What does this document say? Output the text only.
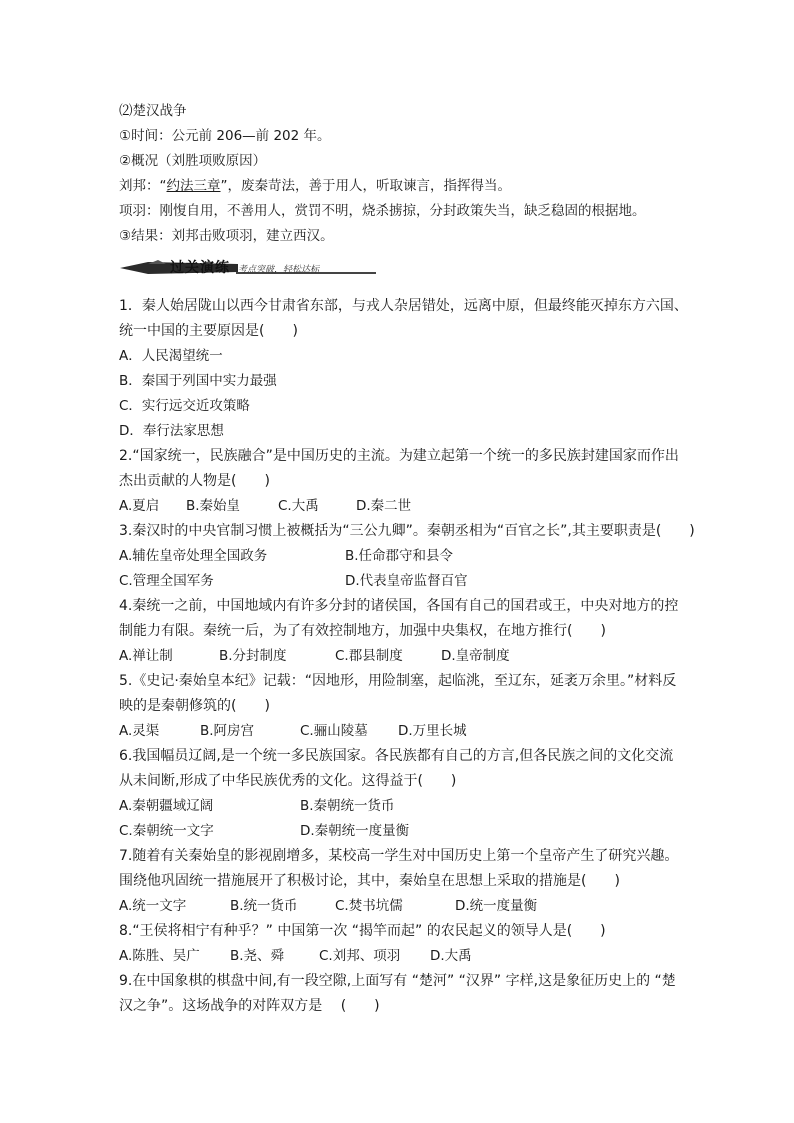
⑵楚汉战争
①时间：公元前 206—前 202 年。
②概况（刘胜项败原因）
刘邦：“约法三章”，废秦苛法，善于用人，听取谏言，指挥得当。
项羽：刚愎自用，不善用人，赏罚不明，烧杀掳掠，分封政策失当，缺乏稳固的根据地。
③结果：刘邦击败项羽，建立西汉。
过关演练 考点突破，轻松达标
1．秦人始居陇山以西今甘肃省东部，与戎人杂居错处，远离中原，但最终能灭掉东方六国、
统一中国的主要原因是(　　)
A．人民渴望统一
B．秦国于列国中实力最强
C．实行远交近攻策略
D．奉行法家思想
2.“国家统一，民族融合”是中国历史的主流。为建立起第一个统一的多民族封建国家而作出
杰出贡献的人物是(　　)
A.夏启 B.秦始皇	C.大禹	D.秦二世
3.秦汉时的中央官制习惯上被概括为“三公九卿”。秦朝丞相为“百官之长”,其主要职责是(　　)
A.辅佐皇帝处理全国政务	B.任命郡守和县令
C.管理全国军务	D.代表皇帝监督百官
4.秦统一之前，中国地域内有许多分封的诸侯国，各国有自己的国君或王，中央对地方的控
制能力有限。秦统一后，为了有效控制地方，加强中央集权，在地方推行(　　)
A.禅让制	B.分封制度	C.郡县制度	D.皇帝制度
5.《史记·秦始皇本纪》记载：“因地形，用险制塞，起临洮，至辽东，延袤万余里。”材料反
映的是秦朝修筑的(　　)
A.灵渠	B.阿房宫	C.骊山陵墓 D.万里长城
6.我国幅员辽阔,是一个统一多民族国家。各民族都有自己的方言,但各民族之间的文化交流
从未间断,形成了中华民族优秀的文化。这得益于(　　)
A.秦朝疆域辽阔	B.秦朝统一货币
C.秦朝统一文字	D.秦朝统一度量衡
7.随着有关秦始皇的影视剧增多，某校高一学生对中国历史上第一个皇帝产生了研究兴趣。
围绕他巩固统一措施展开了积极讨论，其中，秦始皇在思想上采取的措施是(　　)
A.统一文字	B.统一货币	C.焚书坑儒	D.统一度量衡
8.“王侯将相宁有种乎？” 中国第一次 “揭竿而起” 的农民起义的领导人是(　　)
A.陈胜、吴广 B.尧、舜	C.刘邦、项羽 D.大禹
9.在中国象棋的棋盘中间,有一段空隙,上面写有 “楚河” “汉界” 字样,这是象征历史上的 “楚
汉之争”。这场战争的对阵双方是　 (　　)
